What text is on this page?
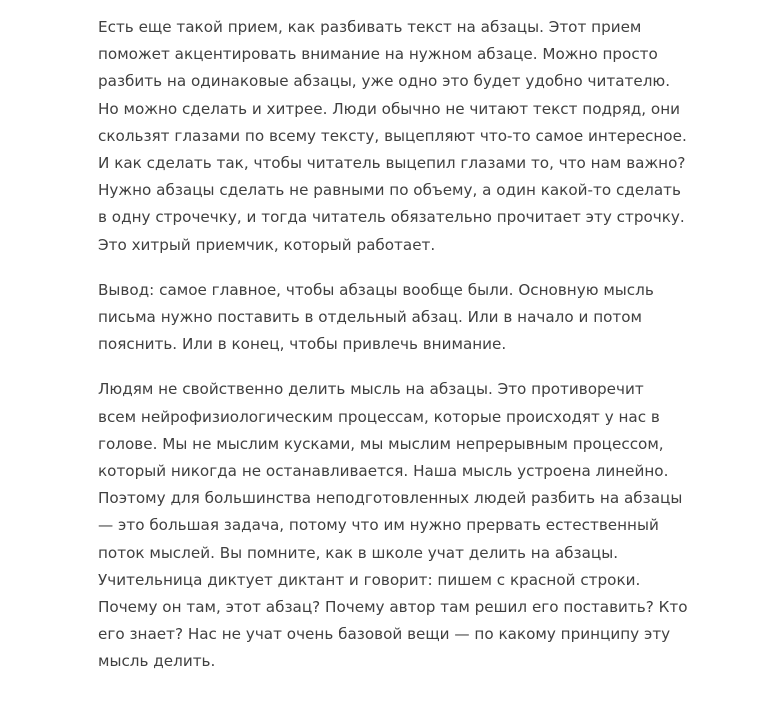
Есть еще такой прием, как разбивать текст на абзацы. Этот прием
поможет акцентировать внимание на нужном абзаце. Можно просто
разбить на одинаковые абзацы, уже одно это будет удобно читателю.
Но можно сделать и хитрее. Люди обычно не читают текст подряд, они
скользят глазами по всему тексту, выцепляют что-то самое интересное.
И как сделать так, чтобы читатель выцепил глазами то, что нам важно?
Нужно абзацы сделать не равными по объему, а один какой-то сделать
в одну строчечку, и тогда читатель обязательно прочитает эту строчку.
Это хитрый приемчик, который работает.

Вывод: самое главное, чтобы абзацы вообще были. Основную мысль
письма нужно поставить в отдельный абзац. Или в начало и потом
пояснить. Или в конец, чтобы привлечь внимание.

Людям не свойственно делить мысль на абзацы. Это противоречит
всем нейрофизиологическим процессам, которые происходят у нас в
голове. Мы не мыслим кусками, мы мыслим непрерывным процессом,
который никогда не останавливается. Наша мысль устроена линейно.
Поэтому для большинства неподготовленных людей разбить на абзацы
— это большая задача, потому что им нужно прервать естественный
поток мыслей. Вы помните, как в школе учат делить на абзацы.
Учительница диктует диктант и говорит: пишем с красной строки.
Почему он там, этот абзац? Почему автор там решил его поставить? Кто
его знает? Нас не учат очень базовой вещи — по какому принципу эту
мысль делить.
